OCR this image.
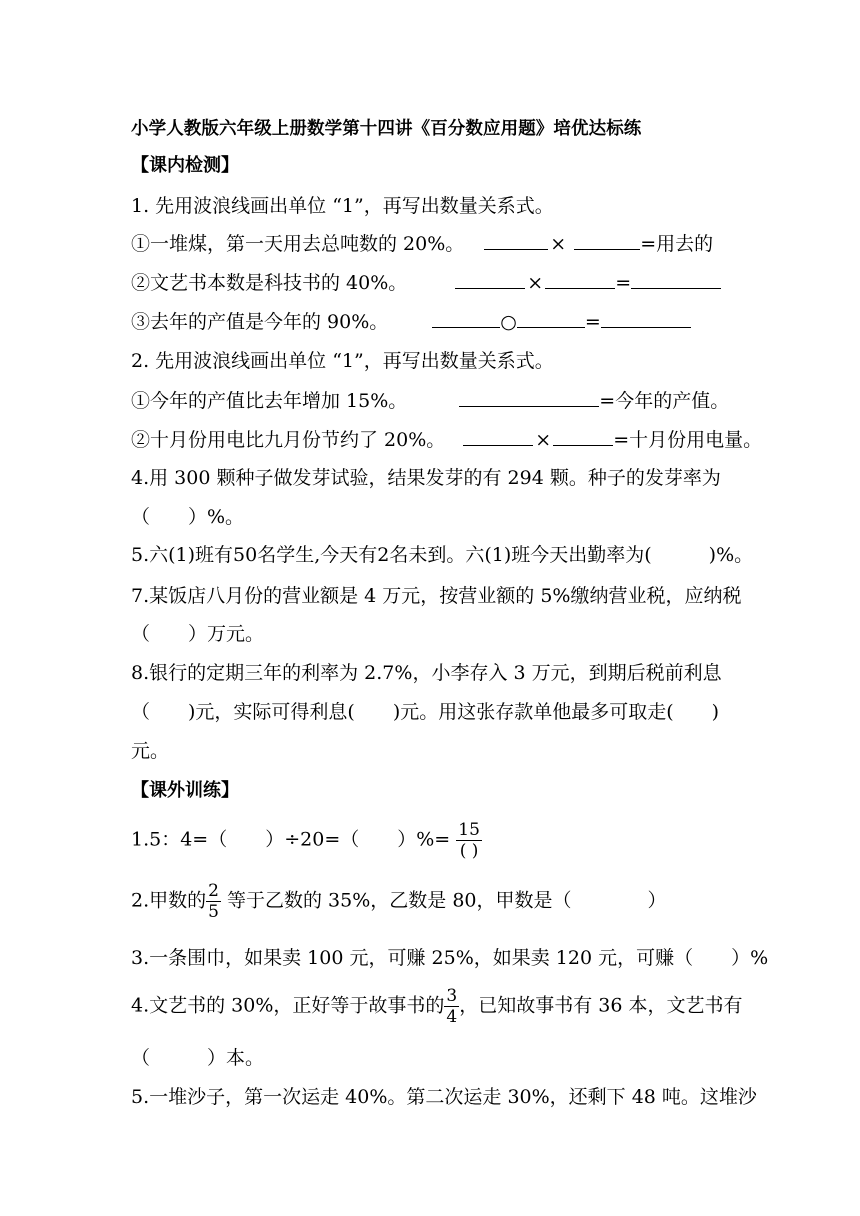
小学人教版六年级上册数学第十四讲《百分数应用题》培优达标练
【课内检测】
1. 先用波浪线画出单位 “1”，再写出数量关系式。
①一堆煤，第一天用去总吨数的 20%。	×	=用去的
②文艺书本数是科技书的 40%。	×	=
③去年的产值是今年的 90%。	○	=
2. 先用波浪线画出单位 “1”，再写出数量关系式。
①今年的产值比去年增加 15%。	=今年的产值。
②十月份用电比九月份节约了 20%。	×	=十月份用电量。
4.用 300 颗种子做发芽试验，结果发芽的有 294 颗。种子的发芽率为
（　　）%。
5.六(1)班有50名学生,今天有2名未到。六(1)班今天出勤率为(　　　)%。
7.某饭店八月份的营业额是 4 万元，按营业额的 5%缴纳营业税，应纳税
（　　）万元。
8.银行的定期三年的利率为 2.7%，小李存入 3 万元，到期后税前利息
（　　)元，实际可得利息(　　)元。用这张存款单他最多可取走(　　)
元。
【课外训练】
1.5：4=（　　）÷20=（　　）%= $\frac{15}{( )}$
2.甲数的 $\frac{2}{5}$ 等于乙数的 35%，乙数是 80，甲数是（　　　　）
3.一条围巾，如果卖 100 元，可赚 25%，如果卖 120 元，可赚（　　）%
4.文艺书的 30%，正好等于故事书的 $\frac{3}{4}$ ，已知故事书有 36 本，文艺书有
（　　　）本。
5.一堆沙子，第一次运走 40%。第二次运走 30%，还剩下 48 吨。这堆沙
